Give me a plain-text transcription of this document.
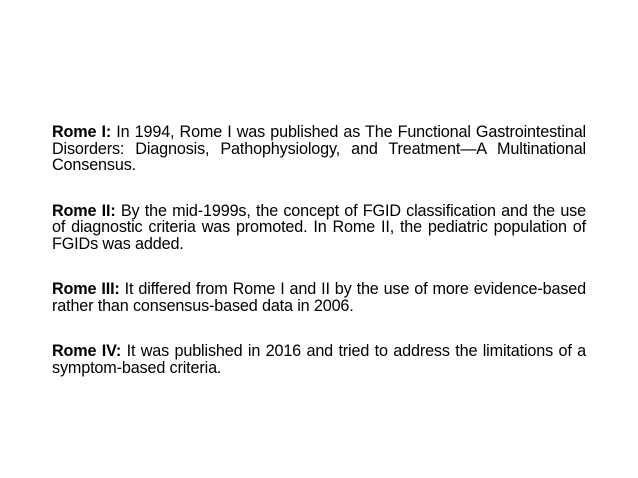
Rome I: In 1994, Rome I was published as The Functional Gastrointestinal Disorders: Diagnosis, Pathophysiology, and Treatment—A Multinational Consensus.

Rome II: By the mid-1999s, the concept of FGID classification and the use of diagnostic criteria was promoted. In Rome II, the pediatric population of FGIDs was added.

Rome III: It differed from Rome I and II by the use of more evidence-based rather than consensus-based data in 2006.

Rome IV: It was published in 2016 and tried to address the limitations of a symptom-based criteria.
